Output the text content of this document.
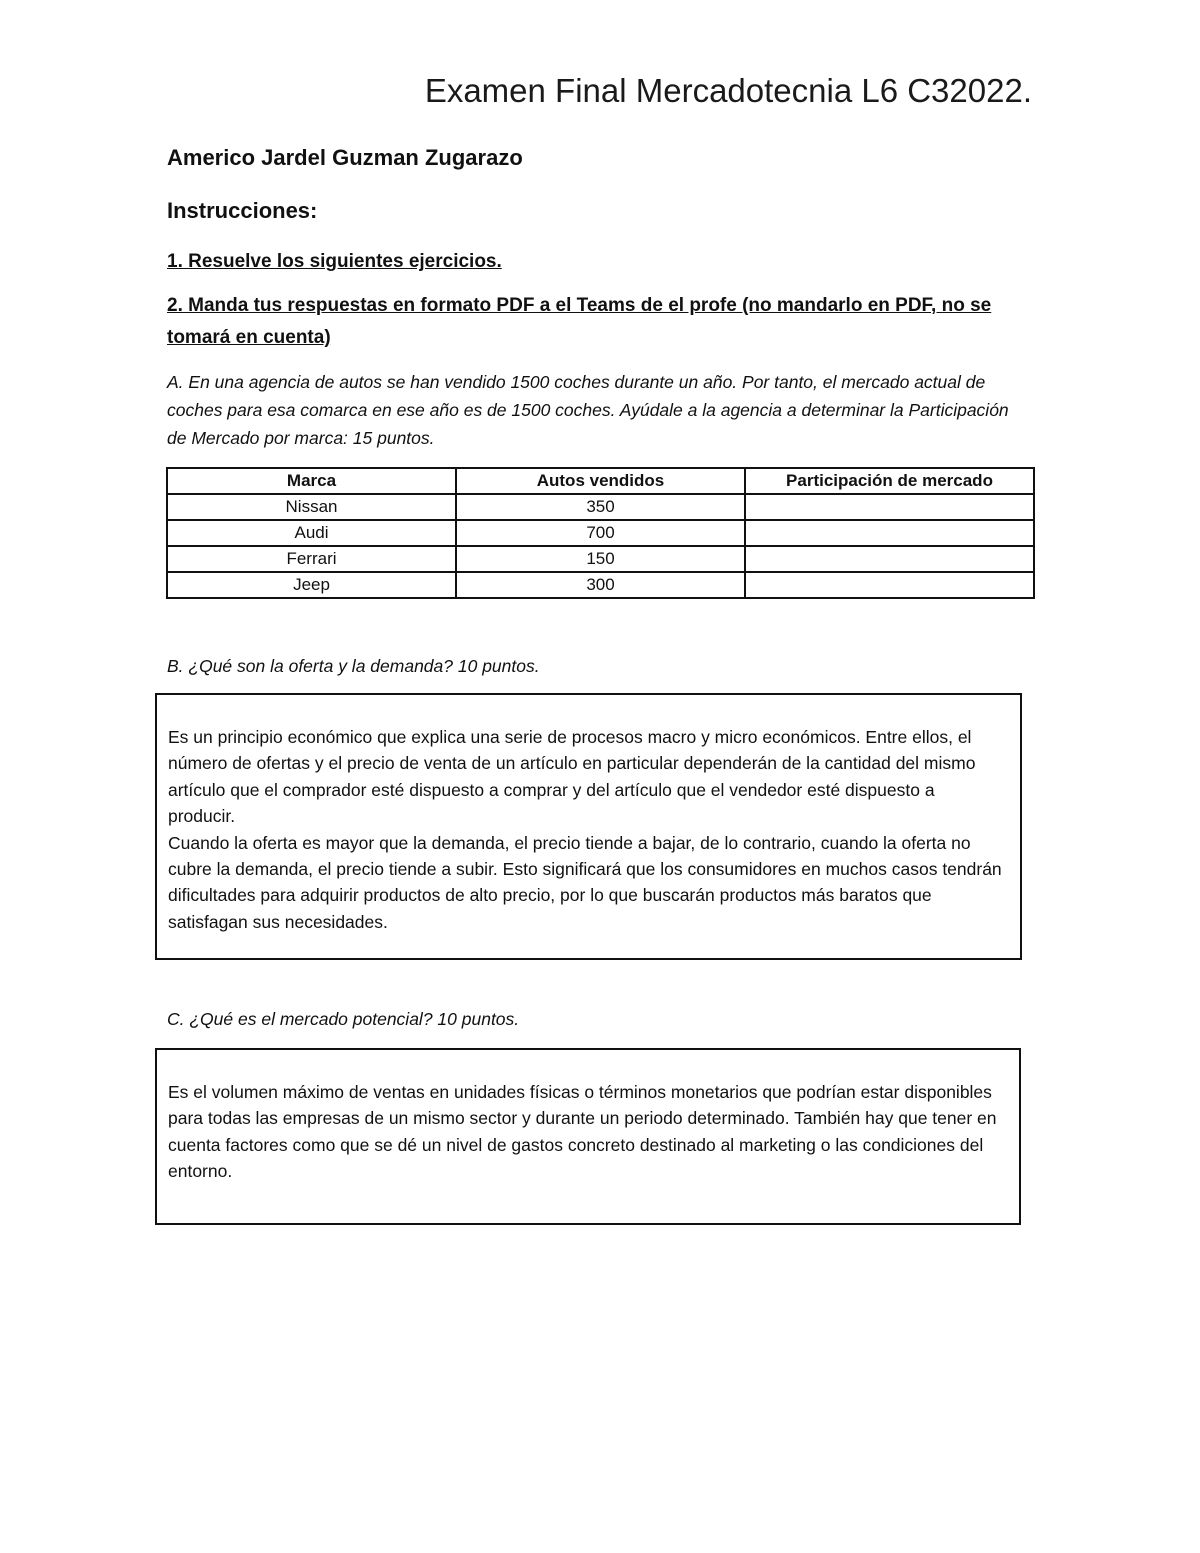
Examen Final Mercadotecnia L6 C32022.
Americo Jardel Guzman Zugarazo
Instrucciones:
1. Resuelve los siguientes ejercicios.
2. Manda tus respuestas en formato PDF a el Teams de el profe (no mandarlo en PDF, no se tomará en cuenta)
A. En una agencia de autos se han vendido 1500 coches durante un año. Por tanto, el mercado actual de coches para esa comarca en ese año es de 1500 coches. Ayúdale a la agencia a determinar la Participación de Mercado por marca: 15 puntos.
Marca	Autos vendidos	Participación de mercado
Nissan	350	
Audi	700	
Ferrari	150	
Jeep	300	
B. ¿Qué son la oferta y la demanda? 10 puntos.

Es un principio económico que explica una serie de procesos macro y micro económicos. Entre ellos, el número de ofertas y el precio de venta de un artículo en particular dependerán de la cantidad del mismo artículo que el comprador esté dispuesto a comprar y del artículo que el vendedor esté dispuesto a producir.

Cuando la oferta es mayor que la demanda, el precio tiende a bajar, de lo contrario, cuando la oferta no cubre la demanda, el precio tiende a subir. Esto significará que los consumidores en muchos casos tendrán dificultades para adquirir productos de alto precio, por lo que buscarán productos más baratos que satisfagan sus necesidades.

C. ¿Qué es el mercado potencial? 10 puntos.

Es el volumen máximo de ventas en unidades físicas o términos monetarios que podrían estar disponibles para todas las empresas de un mismo sector y durante un periodo determinado. También hay que tener en cuenta factores como que se dé un nivel de gastos concreto destinado al marketing o las condiciones del entorno.
